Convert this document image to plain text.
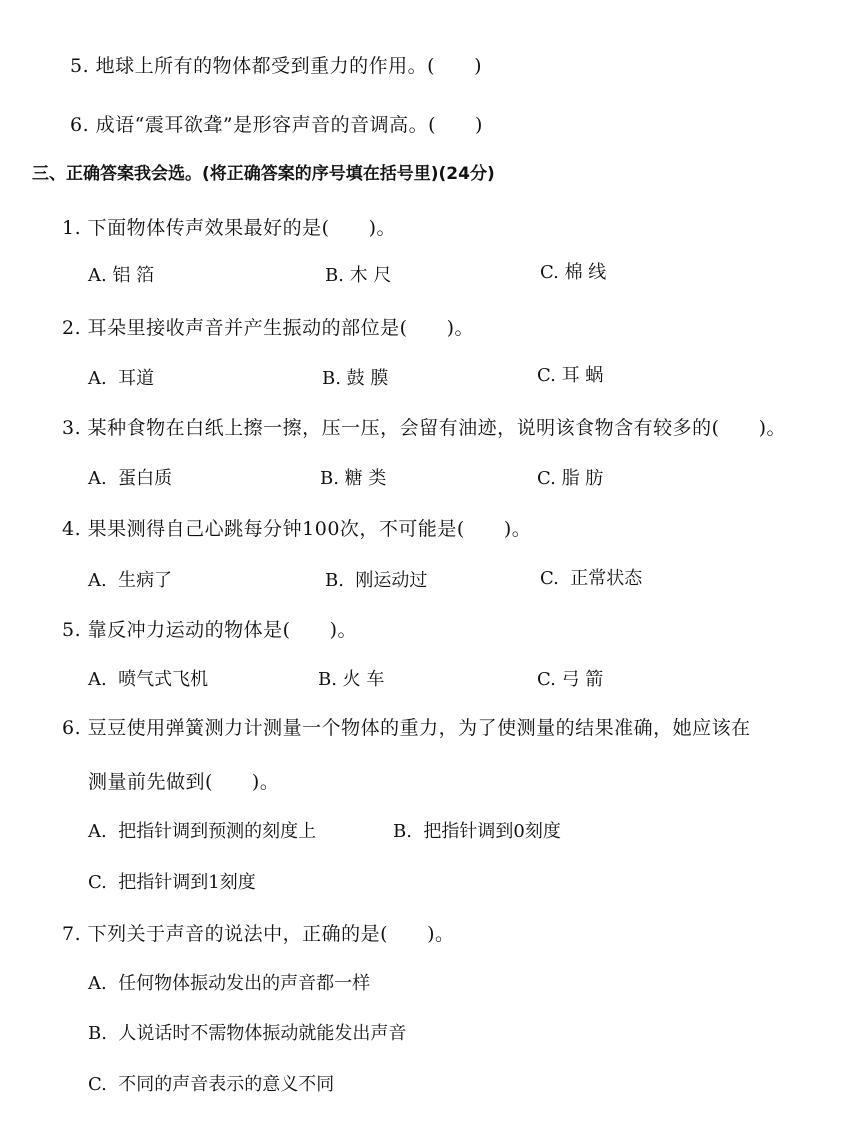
5. 地球上所有的物体都受到重力的作用。(　　)
6. 成语“震耳欲聋”是形容声音的音调高。(　　)
三、正确答案我会选。(将正确答案的序号填在括号里)(24分)
1. 下面物体传声效果最好的是(　　)。
A. 铝 箔	B. 木 尺	C. 棉 线
2. 耳朵里接收声音并产生振动的部位是(　　)。
A.  耳道	B. 鼓 膜	C. 耳 蜗
3. 某种食物在白纸上擦一擦，压一压，会留有油迹，说明该食物含有较多的(　　)。
A.  蛋白质	B. 糖 类	C. 脂 肪
4. 果果测得自己心跳每分钟100次，不可能是(　　)。
A.  生病了	B.  刚运动过	C.  正常状态
5. 靠反冲力运动的物体是(　　)。
A.  喷气式飞机	B. 火 车	C. 弓 箭
6. 豆豆使用弹簧测力计测量一个物体的重力，为了使测量的结果准确，她应该在
测量前先做到(　　)。
A.  把指针调到预测的刻度上	B.  把指针调到0刻度
C.  把指针调到1刻度
7. 下列关于声音的说法中，正确的是(　　)。
A.  任何物体振动发出的声音都一样
B.  人说话时不需物体振动就能发出声音
C.  不同的声音表示的意义不同
